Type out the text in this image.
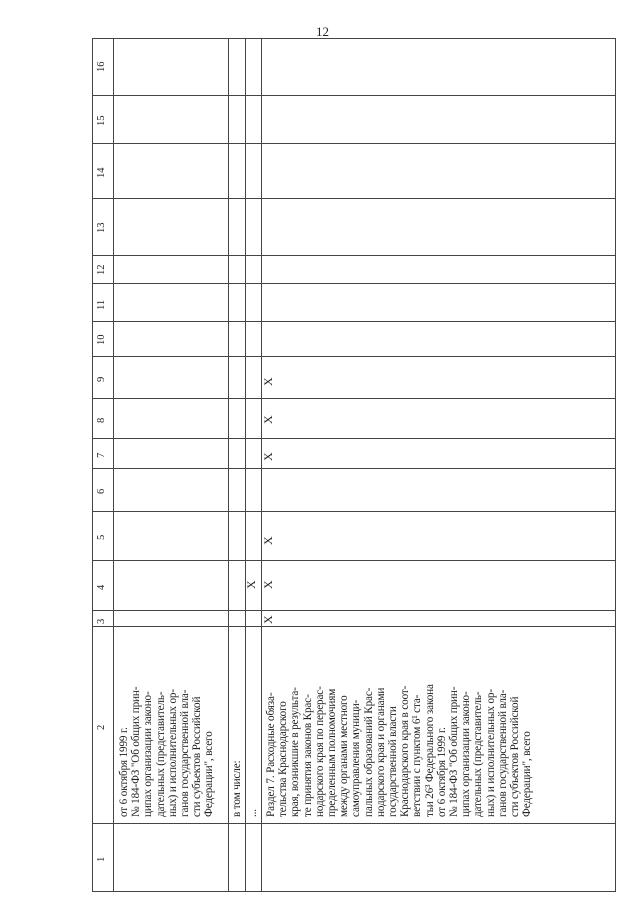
12
1
2
3
4
5
6
7
8
9
10
11
12
13
14
15
16
от 6 октября 1999 г. № 184-ФЗ "Об общих прин- ципах организации законо- дательных (представитель- ных) и исполнительных ор- ганов государственной вла- сти субъектов Российской Федерации", всего в том числе: ... Раздел 7. Расходные обяза- тельства Краснодарского края, возникшие в результа- те принятия законов Крас- нодарского края по перерас- пределенным полномочиям между органами местного самоуправления муници- пальных образований Крас- нодарского края и органами государственной власти Краснодарского края в соот- ветствии с пунктом 6¹ ста- тьи 26³ Федерального закона от 6 октября 1999 г. № 184-ФЗ "Об общих прин- ципах организации законо- дательных (представитель- ных) и исполнительных ор- ганов государственной вла- сти субъектов Российской Федерации", всего
X
X
X
X
X
X
X
